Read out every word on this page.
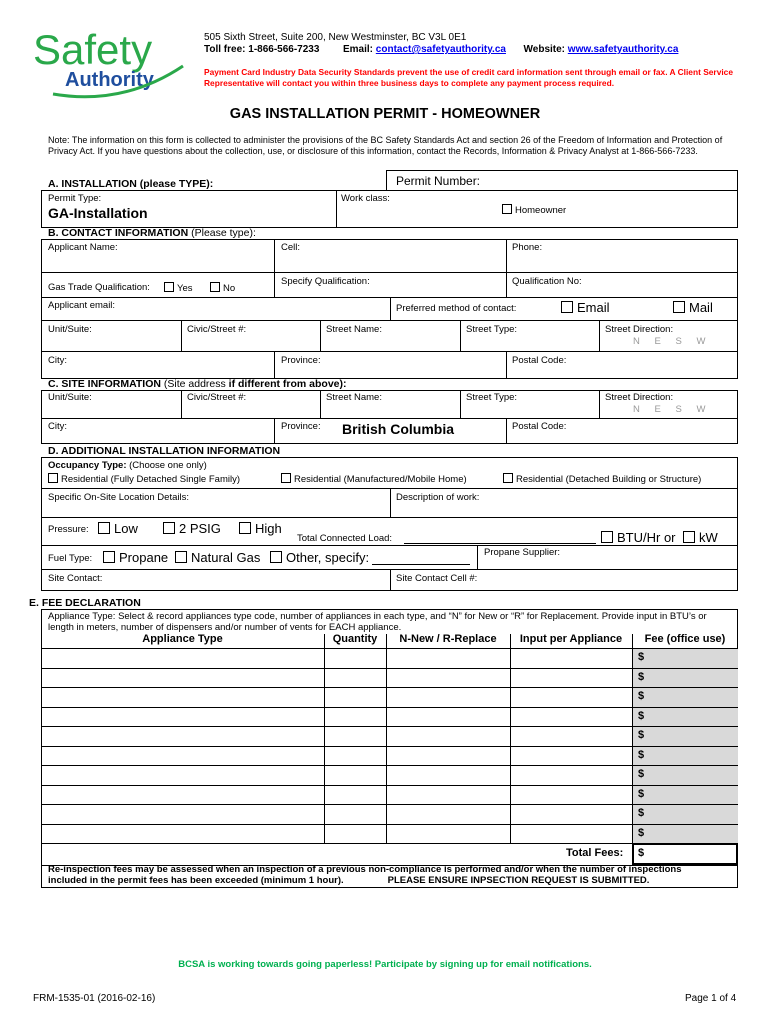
Safety
Authority
505 Sixth Street, Suite 200, New Westminster, BC V3L 0E1
Toll free: 1-866-566-7233 Email: contact@safetyauthority.ca Website: www.safetyauthority.ca
Payment Card Industry Data Security Standards prevent the use of credit card information sent through email or fax. A Client Service Representative will contact you within three business days to complete any payment process required.
GAS INSTALLATION PERMIT - HOMEOWNER
Note: The information on this form is collected to administer the provisions of the BC Safety Standards Act and section 26 of the Freedom of Information and Protection of Privacy Act. If you have questions about the collection, use, or disclosure of this information, contact the Records, Information & Privacy Analyst at 1-866-566-7233.
A. INSTALLATION (please TYPE):	Permit Number:
Permit Type:
GA-Installation
Work class:
Homeowner
B. CONTACT INFORMATION (Please type):
Applicant Name:	Cell:	Phone:
Gas Trade Qualification:	Yes	No
Specify Qualification:	Qualification No:
Applicant email:	Preferred method of contact:	Email	Mail
Unit/Suite:	Civic/Street #:	Street Name:	Street Type:	Street Direction:
N E S W
City:	Province:	Postal Code:
C. SITE INFORMATION (Site address if different from above):
Unit/Suite:	Civic/Street #:	Street Name:	Street Type:	Street Direction:
N E S W
City:	Province: British Columbia	Postal Code:
D. ADDITIONAL INSTALLATION INFORMATION
Occupancy Type: (Choose one only)
Residential (Fully Detached Single Family)	Residential (Manufactured/Mobile Home)	Residential (Detached Building or Structure)
Specific On-Site Location Details:	Description of work:
Pressure:	Low	2 PSIG	High
Total Connected Load:	BTU/Hr or	kW
Fuel Type:	Propane	Natural Gas	Other, specify:	Propane Supplier:
Site Contact:	Site Contact Cell #:
E. FEE DECLARATION
Appliance Type: Select & record appliances type code, number of appliances in each type, and “N” for New or “R” for Replacement. Provide input in BTU’s or length in meters, number of dispensers and/or number of vents for EACH appliance.
Appliance Type	Quantity	N-New / R-Replace	Input per Appliance	Fee (office use)
$
$
$
$
$
$
$
$
$
$
Total Fees: $
Re-inspection fees may be assessed when an inspection of a previous non-compliance is performed and/or when the number of inspections
included in the permit fees has been exceeded (minimum 1 hour).	PLEASE ENSURE INPSECTION REQUEST IS SUBMITTED.
BCSA is working towards going paperless! Participate by signing up for email notifications.
FRM-1535-01 (2016-02-16)	Page 1 of 4
